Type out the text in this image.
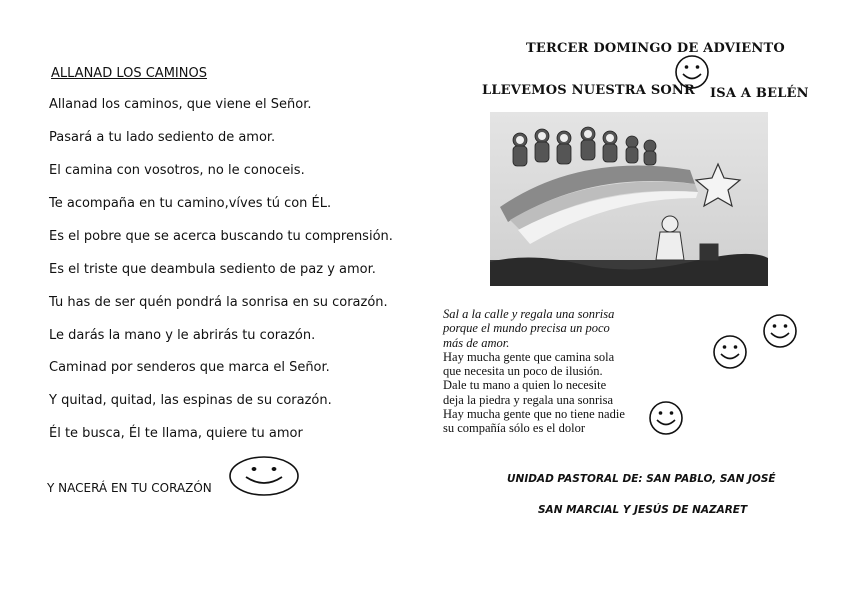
ALLANAD LOS CAMINOS
Allanad los caminos, que viene el Señor.
Pasará a tu lado sediento de amor.
El camina con vosotros, no le conoceis.
Te acompaña en tu camino,víves tú con ÉL.
Es el pobre que se acerca buscando tu comprensión.
Es el triste que deambula sediento de paz y amor.
Tu has de ser quén pondrá la sonrisa en su corazón.
Le darás la mano y le abrirás tu corazón.
Caminad por senderos que marca el Señor.
Y quitad, quitad, las espinas de su corazón.
Él te busca, Él te llama, quiere tu amor
Y NACERÁ EN TU CORAZÓN
TERCER DOMINGO DE ADVIENTO
LLEVEMOS NUESTRA SONR ISA A BELÉN
Sal a la calle y regala una sonrisa
porque el mundo precisa un poco
más de amor.
Hay mucha gente que camina sola
que necesita un poco de ilusión.
Dale tu mano a quien lo necesite
deja la piedra y regala una sonrisa
Hay mucha gente que no tiene nadie
su compañía sólo es el dolor
UNIDAD PASTORAL DE: SAN PABLO, SAN JOSÉ
SAN MARCIAL Y JESÚS DE NAZARET
